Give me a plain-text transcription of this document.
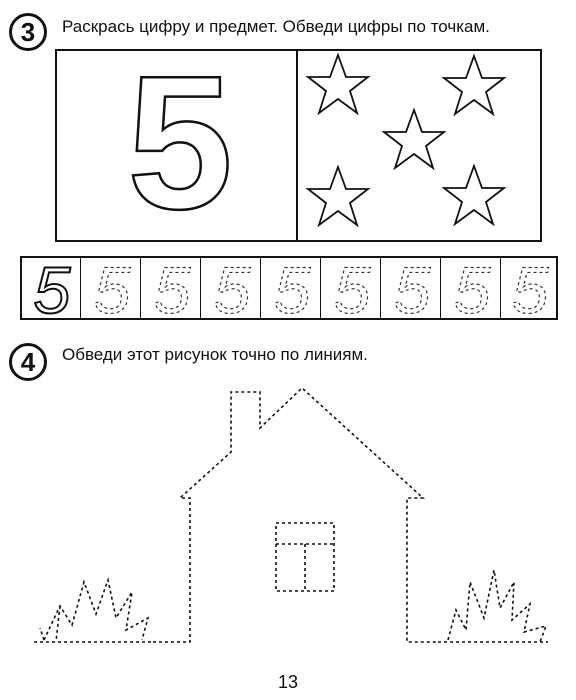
3 Раскрась цифру и предмет. Обведи цифры по точкам.
5
5 5 5 5 5 5 5 5 5
4 Обведи этот рисунок точно по линиям.
13
